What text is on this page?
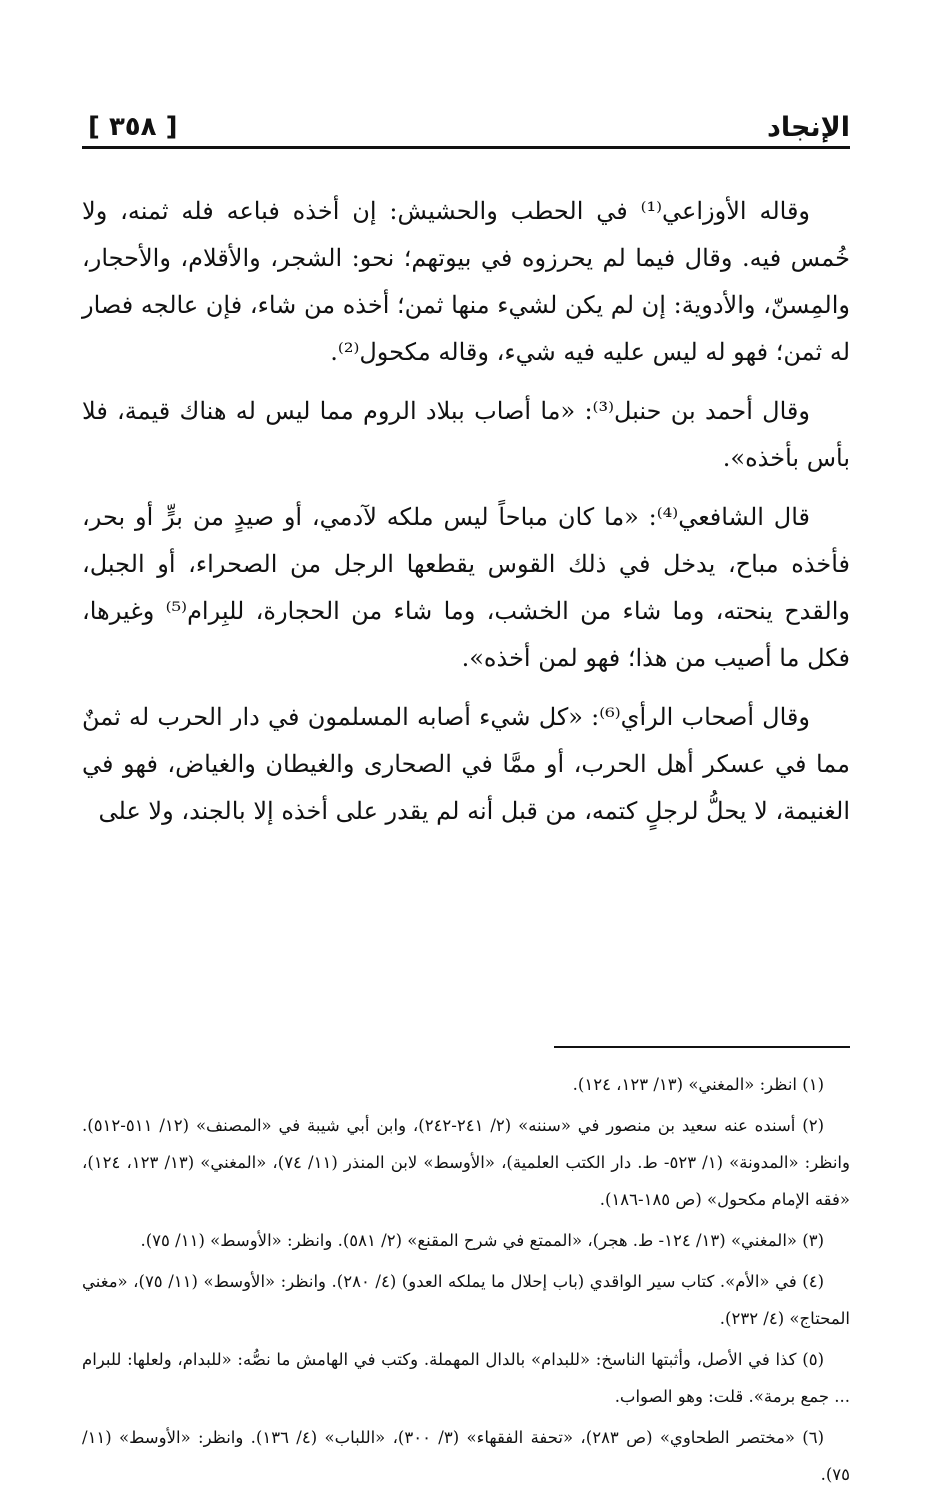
الإنجاد
[ ٣٥٨ ]

وقاله الأوزاعي⁽¹⁾ في الحطب والحشيش: إن أخذه فباعه فله ثمنه، ولا خُمس فيه. وقال فيما لم يحرزوه في بيوتهم؛ نحو: الشجر، والأقلام، والأحجار، والمِسنّ، والأدوية: إن لم يكن لشيء منها ثمن؛ أخذه من شاء، فإن عالجه فصار له ثمن؛ فهو له ليس عليه فيه شيء، وقاله مكحول⁽²⁾.

وقال أحمد بن حنبل⁽³⁾: «ما أصاب ببلاد الروم مما ليس له هناك قيمة، فلا بأس بأخذه».

قال الشافعي⁽⁴⁾: «ما كان مباحاً ليس ملكه لآدمي، أو صيدٍ من برٍّ أو بحر، فأخذه مباح، يدخل في ذلك القوس يقطعها الرجل من الصحراء، أو الجبل، والقدح ينحته، وما شاء من الخشب، وما شاء من الحجارة، للبِرام⁽⁵⁾ وغيرها، فكل ما أصيب من هذا؛ فهو لمن أخذه».

وقال أصحاب الرأي⁽⁶⁾: «كل شيء أصابه المسلمون في دار الحرب له ثمنٌ مما في عسكر أهل الحرب، أو ممَّا في الصحارى والغيطان والغياض، فهو في الغنيمة، لا يحلُّ لرجلٍ كتمه، من قبل أنه لم يقدر على أخذه إلا بالجند، ولا على

(١) انظر: «المغني» (١٣/ ١٢٣، ١٢٤).

(٢) أسنده عنه سعيد بن منصور في «سننه» (٢/ ٢٤١-٢٤٢)، وابن أبي شيبة في «المصنف» (١٢/ ٥١١-٥١٢). وانظر: «المدونة» (١/ ٥٢٣- ط. دار الكتب العلمية)، «الأوسط» لابن المنذر (١١/ ٧٤)، «المغني» (١٣/ ١٢٣، ١٢٤)، «فقه الإمام مكحول» (ص ١٨٥-١٨٦).

(٣) «المغني» (١٣/ ١٢٤- ط. هجر)، «الممتع في شرح المقنع» (٢/ ٥٨١). وانظر: «الأوسط» (١١/ ٧٥).

(٤) في «الأم». كتاب سير الواقدي (باب إحلال ما يملكه العدو) (٤/ ٢٨٠). وانظر: «الأوسط» (١١/ ٧٥)، «مغني المحتاج» (٤/ ٢٣٢).

(٥) كذا في الأصل، وأثبتها الناسخ: «للبدام» بالدال المهملة. وكتب في الهامش ما نصُّه: «للبدام، ولعلها: للبرام ... جمع برمة». قلت: وهو الصواب.

(٦) «مختصر الطحاوي» (ص ٢٨٣)، «تحفة الفقهاء» (٣/ ٣٠٠)، «اللباب» (٤/ ١٣٦). وانظر: «الأوسط» (١١/ ٧٥).
